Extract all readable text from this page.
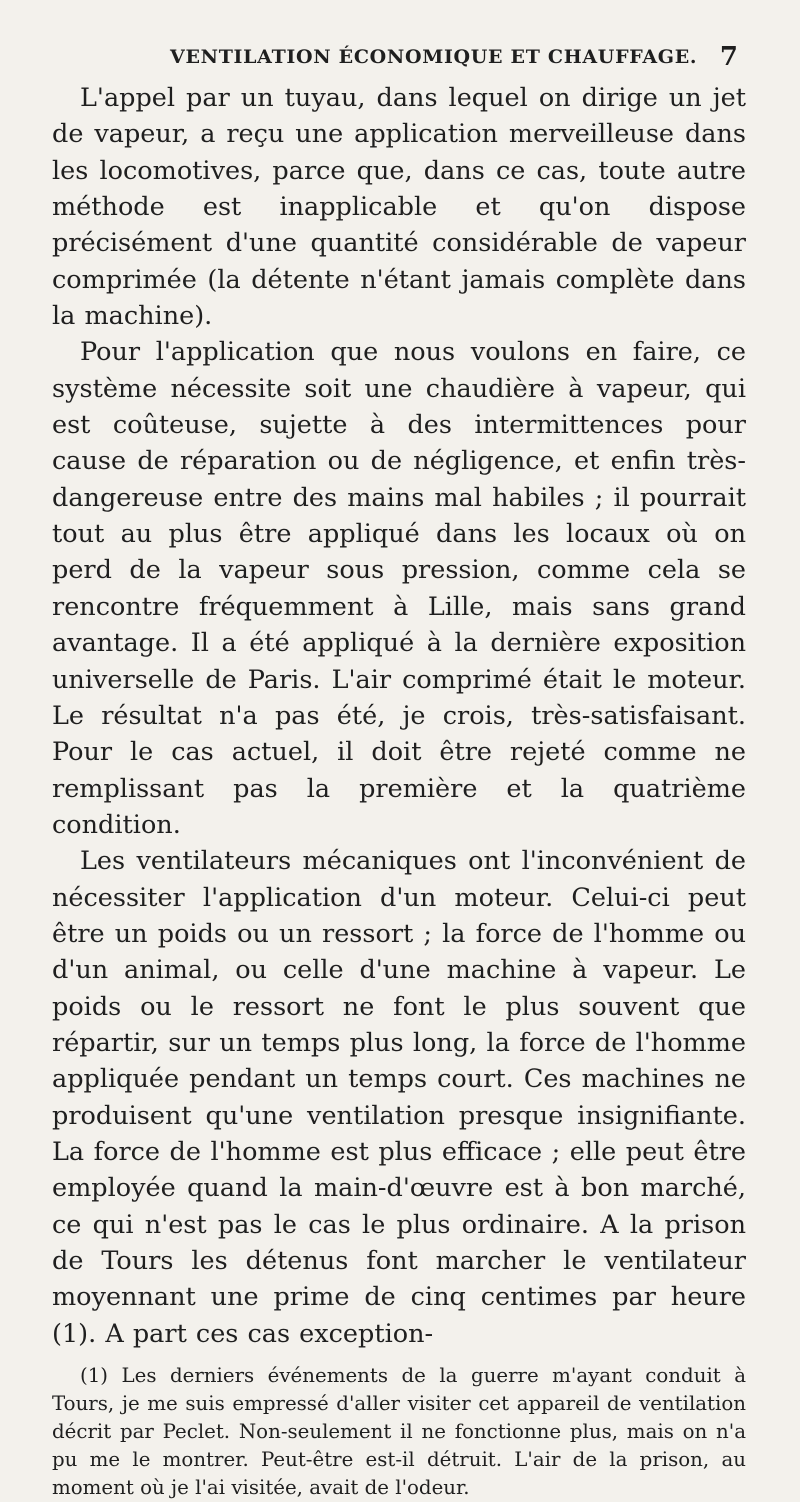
VENTILATION ÉCONOMIQUE ET CHAUFFAGE. 7

L'appel par un tuyau, dans lequel on dirige un jet de vapeur, a reçu une application merveilleuse dans les locomotives, parce que, dans ce cas, toute autre méthode est inapplicable et qu'on dispose précisément d'une quantité considérable de vapeur comprimée (la détente n'étant jamais complète dans la machine).

Pour l'application que nous voulons en faire, ce système nécessite soit une chaudière à vapeur, qui est coûteuse, sujette à des intermittences pour cause de réparation ou de négligence, et enfin très-dangereuse entre des mains mal habiles ; il pourrait tout au plus être appliqué dans les locaux où on perd de la vapeur sous pression, comme cela se rencontre fréquemment à Lille, mais sans grand avantage. Il a été appliqué à la dernière exposition universelle de Paris. L'air comprimé était le moteur. Le résultat n'a pas été, je crois, très-satisfaisant. Pour le cas actuel, il doit être rejeté comme ne remplissant pas la première et la quatrième condition.

Les ventilateurs mécaniques ont l'inconvénient de nécessiter l'application d'un moteur. Celui-ci peut être un poids ou un ressort ; la force de l'homme ou d'un animal, ou celle d'une machine à vapeur. Le poids ou le ressort ne font le plus souvent que répartir, sur un temps plus long, la force de l'homme appliquée pendant un temps court. Ces machines ne produisent qu'une ventilation presque insignifiante. La force de l'homme est plus efficace ; elle peut être employée quand la main-d'œuvre est à bon marché, ce qui n'est pas le cas le plus ordinaire. A la prison de Tours les détenus font marcher le ventilateur moyennant une prime de cinq centimes par heure (1). A part ces cas exception-

(1) Les derniers événements de la guerre m'ayant conduit à Tours, je me suis empressé d'aller visiter cet appareil de ventilation décrit par Peclet. Non-seulement il ne fonctionne plus, mais on n'a pu me le montrer. Peut-être est-il détruit. L'air de la prison, au moment où je l'ai visitée, avait de l'odeur.
